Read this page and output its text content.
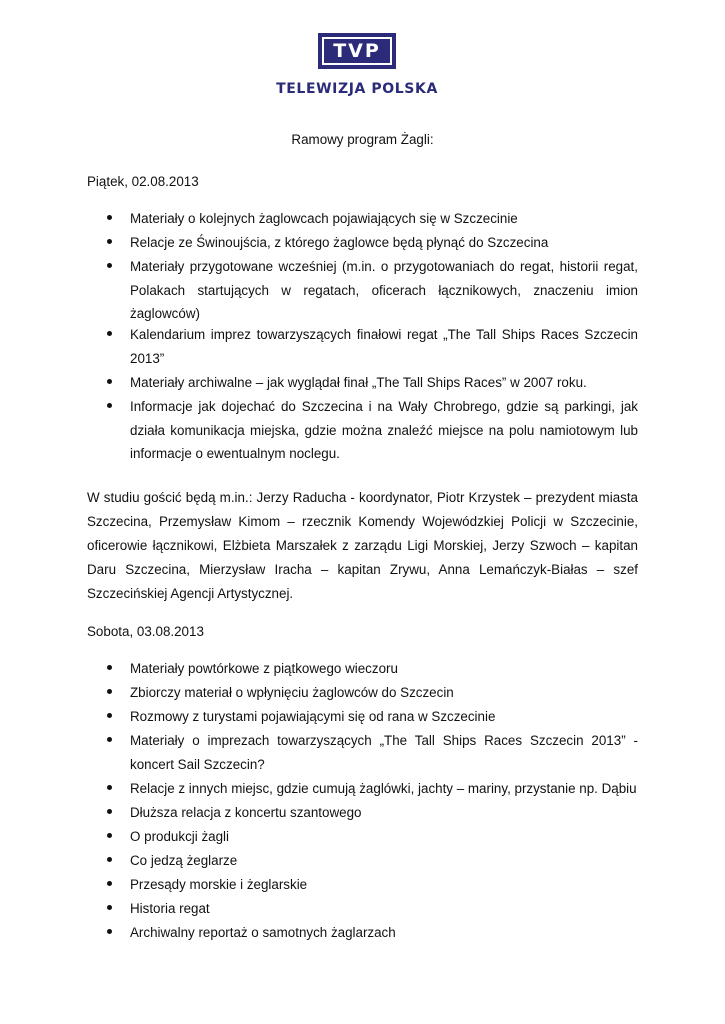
TVP
TELEWIZJA POLSKA
Ramowy program Żagli:
Piątek, 02.08.2013
Materiały o kolejnych żaglowcach pojawiających się w Szczecinie
Relacje ze Świnoujścia, z którego żaglowce będą płynąć do Szczecina
Materiały przygotowane wcześniej (m.in. o przygotowaniach do regat, historii regat, Polakach startujących w regatach, oficerach łącznikowych, znaczeniu imion żaglowców)
Kalendarium imprez towarzyszących finałowi regat „The Tall Ships Races Szczecin 2013”
Materiały archiwalne – jak wyglądał finał „The Tall Ships Races” w 2007 roku.
Informacje jak dojechać do Szczecina i na Wały Chrobrego, gdzie są parkingi, jak działa komunikacja miejska, gdzie można znaleźć miejsce na polu namiotowym lub informacje o ewentualnym noclegu.
W studiu gościć będą m.in.: Jerzy Raducha - koordynator, Piotr Krzystek – prezydent miasta Szczecina, Przemysław Kimom – rzecznik Komendy Wojewódzkiej Policji w Szczecinie, oficerowie łącznikowi, Elżbieta Marszałek z zarządu Ligi Morskiej, Jerzy Szwoch – kapitan Daru Szczecina, Mierzysław Iracha – kapitan Zrywu, Anna Lemańczyk-Białas – szef Szczecińskiej Agencji Artystycznej.
Sobota, 03.08.2013
Materiały powtórkowe z piątkowego wieczoru
Zbiorczy materiał o wpłynięciu żaglowców do Szczecin
Rozmowy z turystami pojawiającymi się od rana w Szczecinie
Materiały o imprezach towarzyszących „The Tall Ships Races Szczecin 2013” - koncert Sail Szczecin?
Relacje z innych miejsc, gdzie cumują żaglówki, jachty – mariny, przystanie np. Dąbiu
Dłuższa relacja z koncertu szantowego
O produkcji żagli
Co jedzą żeglarze
Przesądy morskie i żeglarskie
Historia regat
Archiwalny reportaż o samotnych żaglarzach
